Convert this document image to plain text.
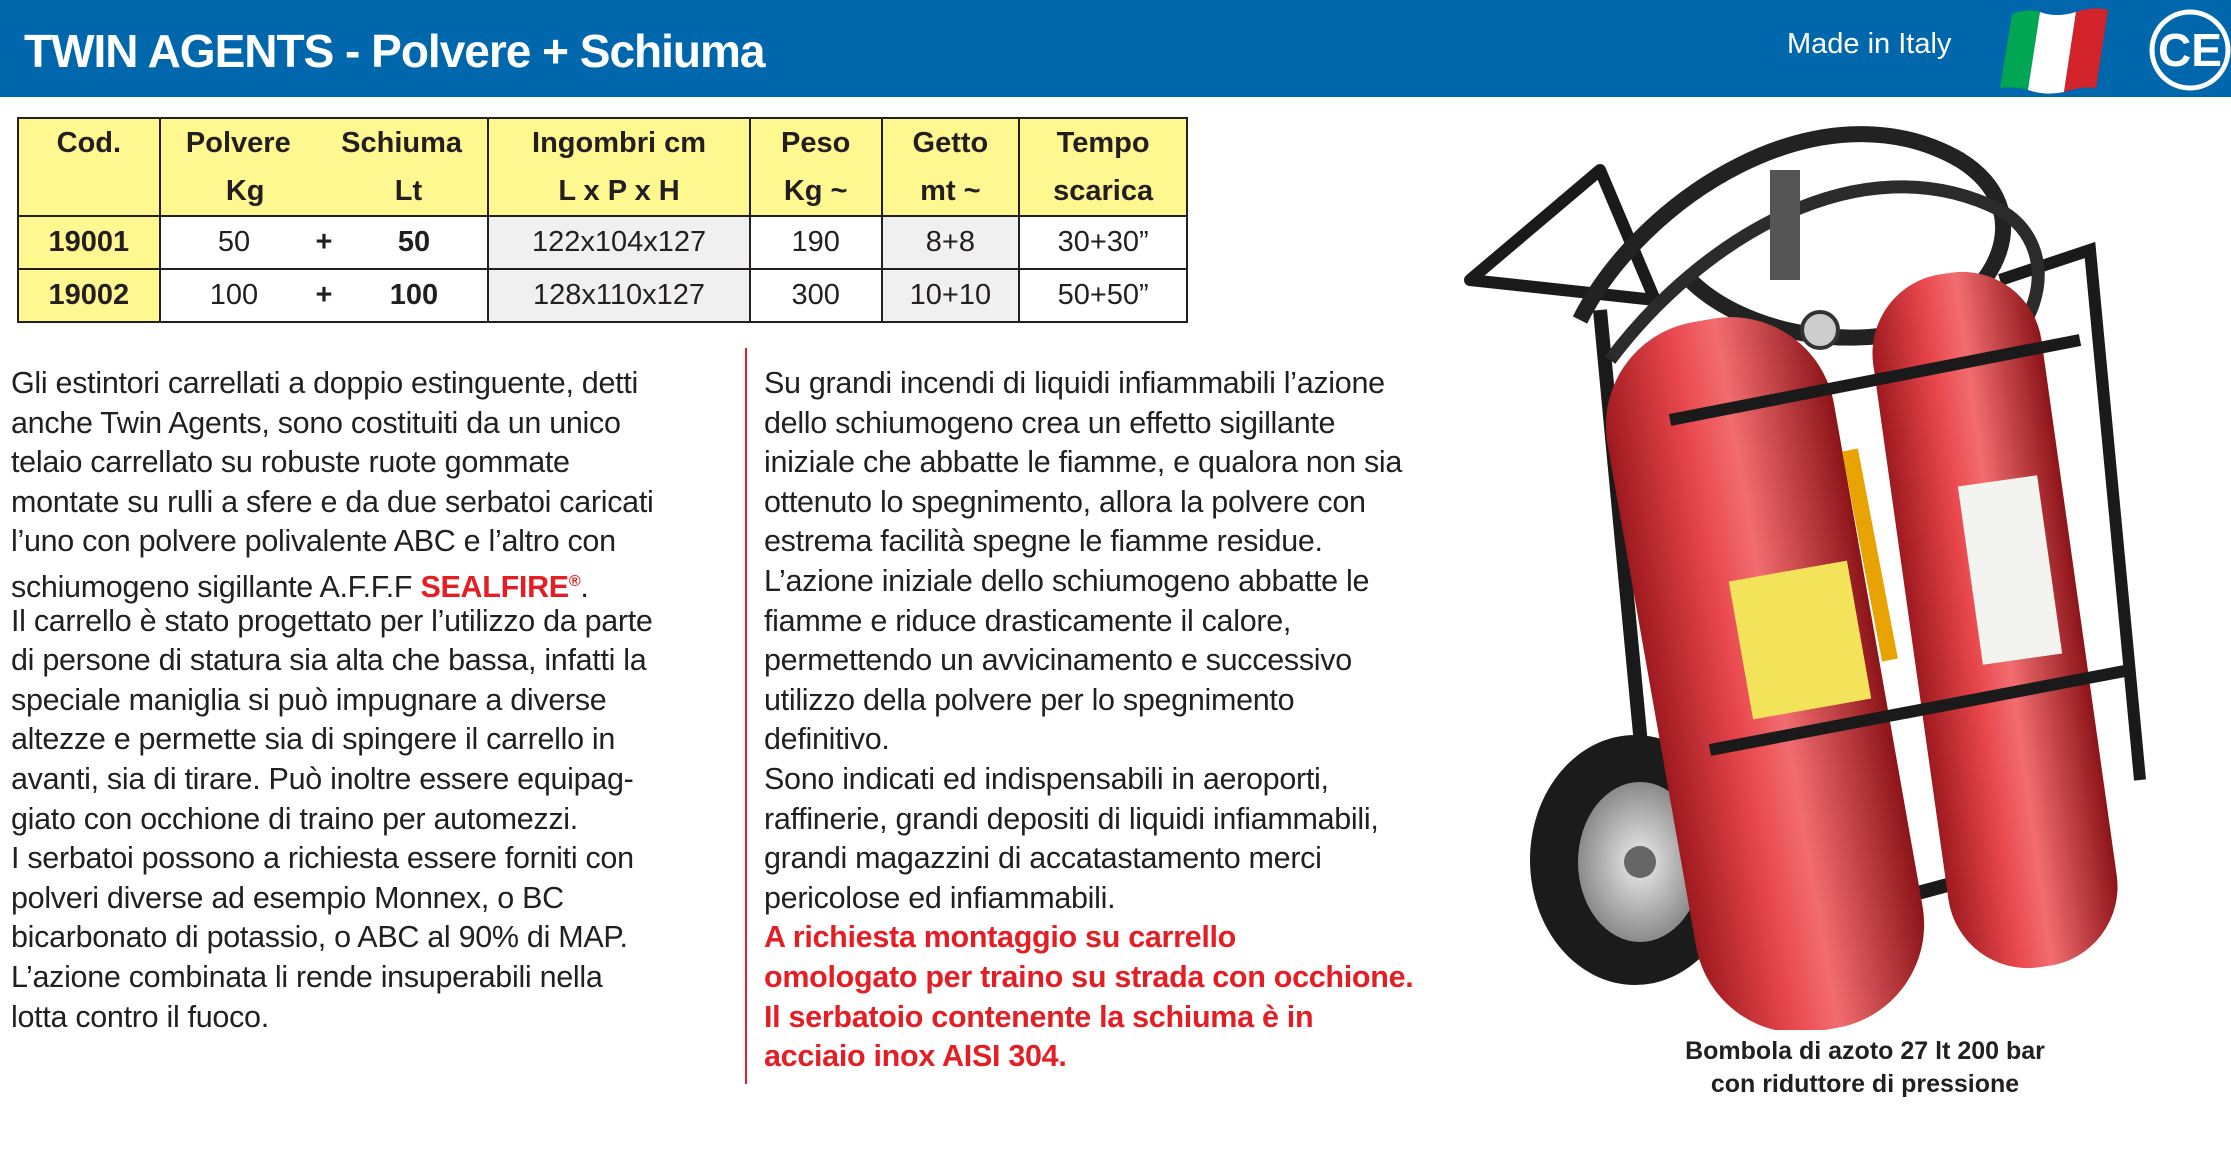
TWIN AGENTS - Polvere + Schiuma	Made in Italy	CE
Cod.	Polvere Schiuma	Ingombri cm	Peso	Getto	Tempo

	Kg Lt	L x P x H	Kg ~	mt ~	scarica
19001	50 + 50	122x104x127	190	8+8	30+30”
19002	100 + 100	128x110x127	300	10+10	50+50”
Gli estintori carrellati a doppio estinguente, detti
anche Twin Agents, sono costituiti da un unico
telaio carrellato su robuste ruote gommate
montate su rulli a sfere e da due serbatoi caricati
l’uno con polvere polivalente ABC e l’altro con
schiumogeno sigillante A.F.F.F SEALFIRE®.
Il carrello è stato progettato per l’utilizzo da parte
di persone di statura sia alta che bassa, infatti la
speciale maniglia si può impugnare a diverse
altezze e permette sia di spingere il carrello in
avanti, sia di tirare. Può inoltre essere equipag-
giato con occhione di traino per automezzi.
I serbatoi possono a richiesta essere forniti con
polveri diverse ad esempio Monnex, o BC
bicarbonato di potassio, o ABC al 90% di MAP.
L’azione combinata li rende insuperabili nella
lotta contro il fuoco.
Su grandi incendi di liquidi infiammabili l’azione
dello schiumogeno crea un effetto sigillante
iniziale che abbatte le fiamme, e qualora non sia
ottenuto lo spegnimento, allora la polvere con
estrema facilità spegne le fiamme residue.
L’azione iniziale dello schiumogeno abbatte le
fiamme e riduce drasticamente il calore,
permettendo un avvicinamento e successivo
utilizzo della polvere per lo spegnimento
definitivo.
Sono indicati ed indispensabili in aeroporti,
raffinerie, grandi depositi di liquidi infiammabili,
grandi magazzini di accatastamento merci
pericolose ed infiammabili.
A richiesta montaggio su carrello
omologato per traino su strada con occhione.
Il serbatoio contenente la schiuma è in
acciaio inox AISI 304.	Bombola di azoto 27 lt 200 bar
con riduttore di pressione
